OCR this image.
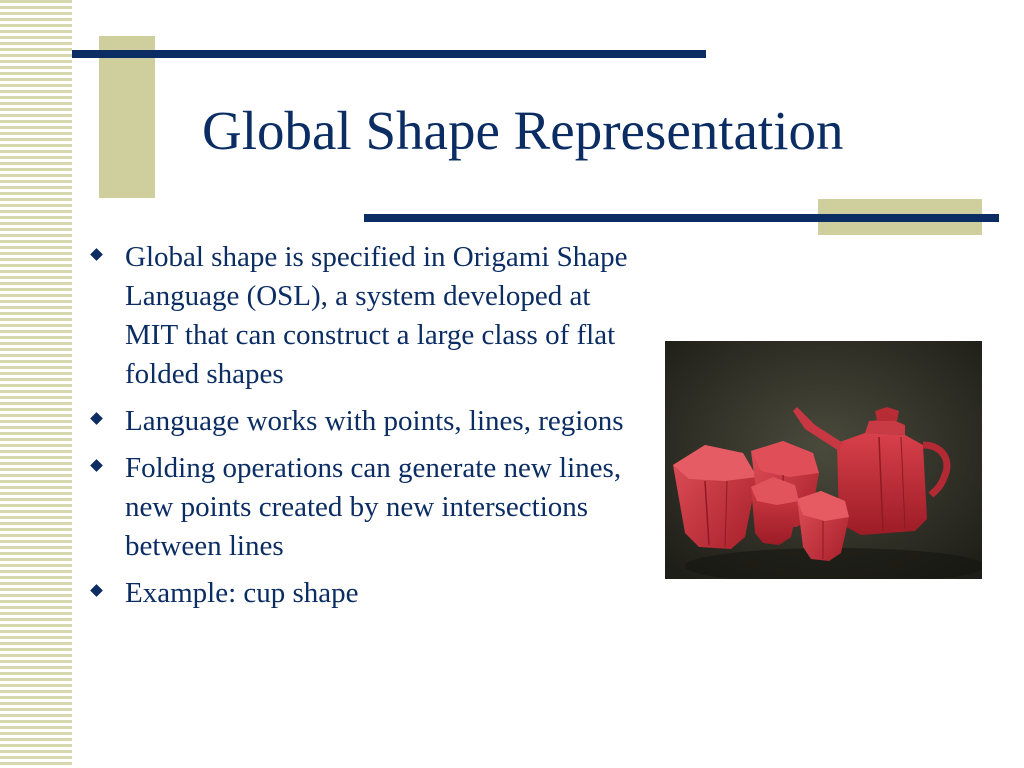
Global Shape Representation
Global shape is specified in Origami Shape Language (OSL), a system developed at MIT that can construct a large class of flat folded shapes
Language works with points, lines, regions
Folding operations can generate new lines, new points created by new intersections between lines
Example: cup shape
